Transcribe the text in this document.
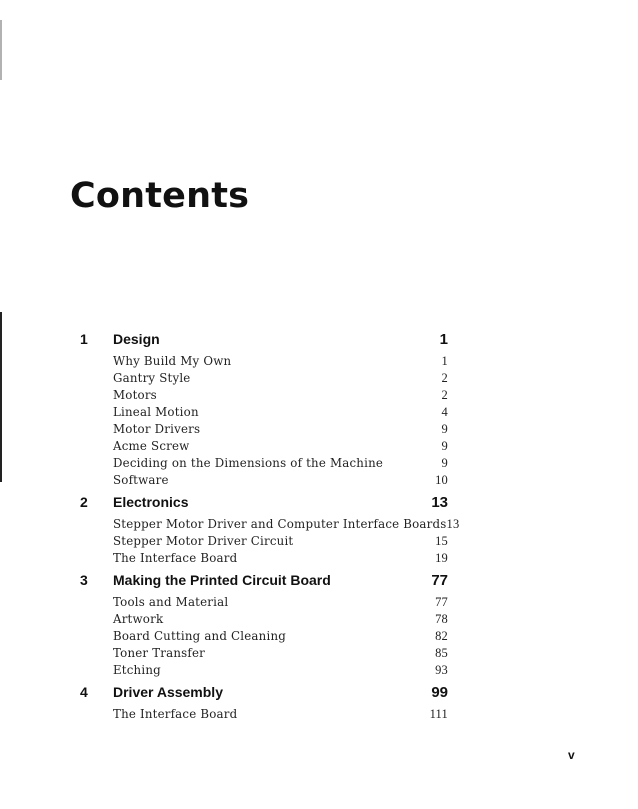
Contents
1	Design	1
Why Build My Own	1
Gantry Style	2
Motors	2
Lineal Motion	4
Motor Drivers	9
Acme Screw	9
Deciding on the Dimensions of the Machine	9
Software	10
2	Electronics	13
Stepper Motor Driver and Computer Interface Boards 13
Stepper Motor Driver Circuit	15
The Interface Board	19
3	Making the Printed Circuit Board	77
Tools and Material	77
Artwork	78
Board Cutting and Cleaning	82
Toner Transfer	85
Etching	93
4	Driver Assembly	99
The Interface Board	111
v
